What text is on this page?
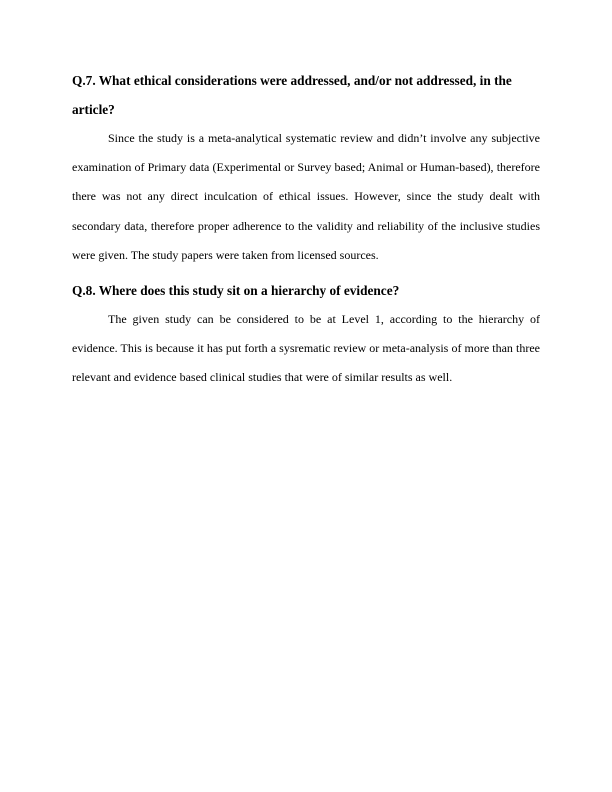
Q.7. What ethical considerations were addressed, and/or not addressed, in the article?

Since the study is a meta-analytical systematic review and didn’t involve any subjective examination of Primary data (Experimental or Survey based; Animal or Human-based), therefore there was not any direct inculcation of ethical issues. However, since the study dealt with secondary data, therefore proper adherence to the validity and reliability of the inclusive studies were given. The study papers were taken from licensed sources.

Q.8. Where does this study sit on a hierarchy of evidence?

The given study can be considered to be at Level 1, according to the hierarchy of evidence. This is because it has put forth a sysrematic review or meta-analysis of more than three relevant and evidence based clinical studies that were of similar results as well.
